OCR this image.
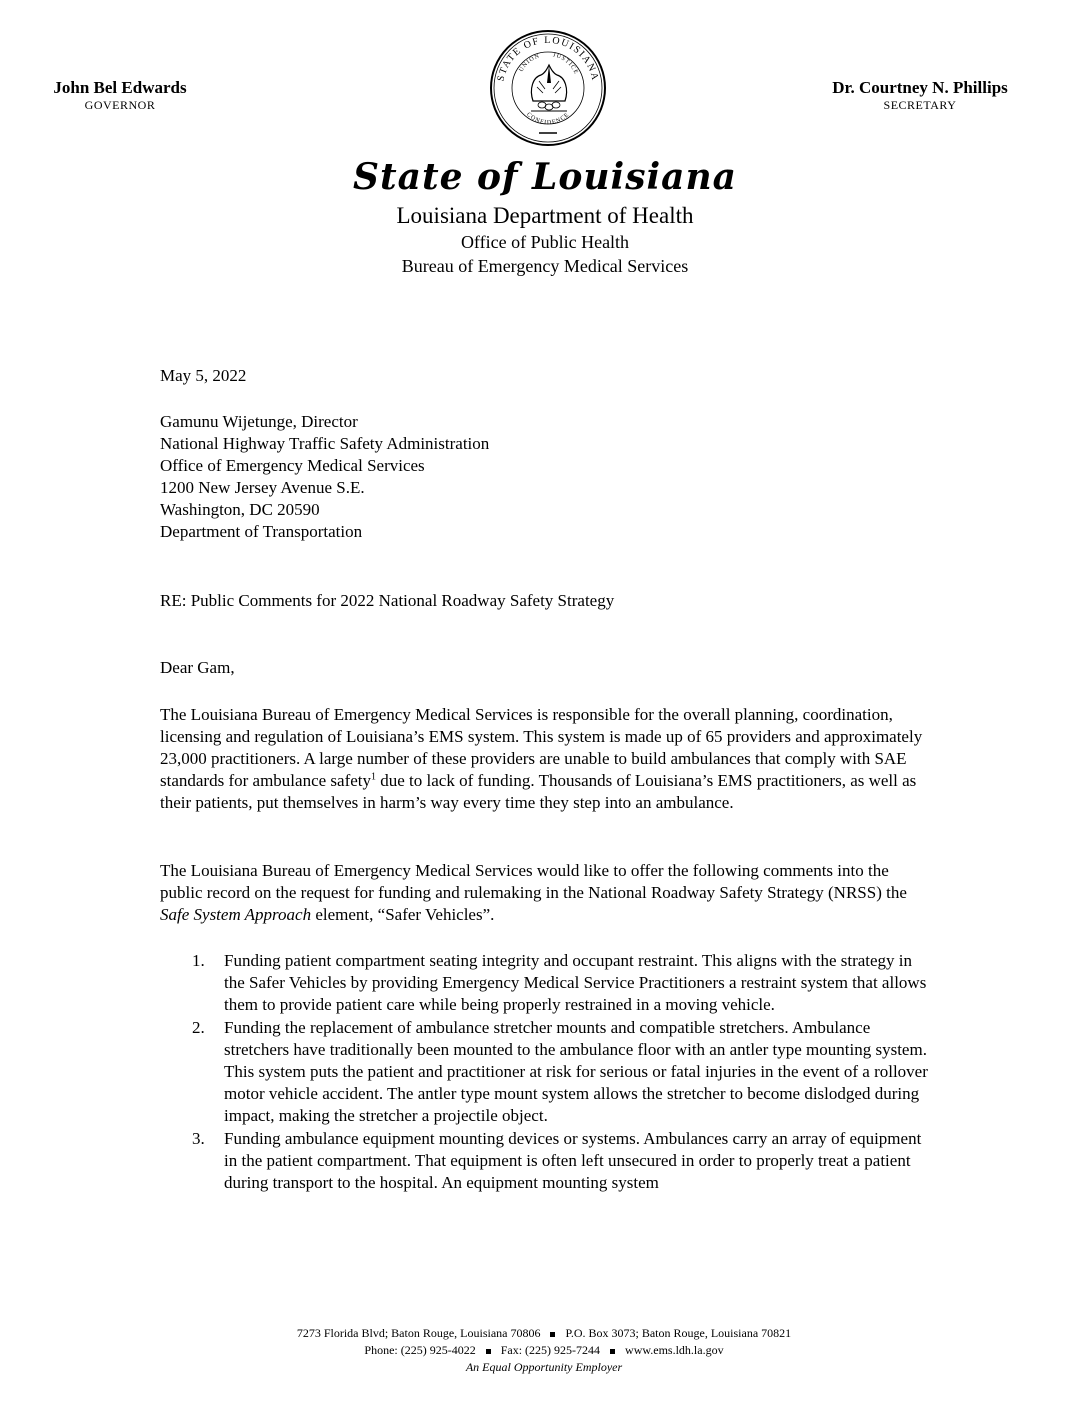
John Bel Edwards
GOVERNOR
Dr. Courtney N. Phillips
SECRETARY
STATE OF LOUISIANA
UNION JUSTICE
CONFIDENCE
State of Louisiana
Louisiana Department of Health
Office of Public Health
Bureau of Emergency Medical Services
May 5, 2022
Gamunu Wijetunge, Director
National Highway Traffic Safety Administration
Office of Emergency Medical Services
1200 New Jersey Avenue S.E.
Washington, DC 20590
Department of Transportation
RE: Public Comments for 2022 National Roadway Safety Strategy
Dear Gam,
The Louisiana Bureau of Emergency Medical Services is responsible for the overall planning, coordination, licensing and regulation of Louisiana’s EMS system. This system is made up of 65 providers and approximately 23,000 practitioners. A large number of these providers are unable to build ambulances that comply with SAE standards for ambulance safety$^1$ due to lack of funding. Thousands of Louisiana’s EMS practitioners, as well as their patients, put themselves in harm’s way every time they step into an ambulance.
The Louisiana Bureau of Emergency Medical Services would like to offer the following comments into the public record on the request for funding and rulemaking in the National Roadway Safety Strategy (NRSS) the Safe System Approach element, “Safer Vehicles”.
1. Funding patient compartment seating integrity and occupant restraint. This aligns with the strategy in the Safer Vehicles by providing Emergency Medical Service Practitioners a restraint system that allows them to provide patient care while being properly restrained in a moving vehicle.
2. Funding the replacement of ambulance stretcher mounts and compatible stretchers. Ambulance stretchers have traditionally been mounted to the ambulance floor with an antler type mounting system. This system puts the patient and practitioner at risk for serious or fatal injuries in the event of a rollover motor vehicle accident. The antler type mount system allows the stretcher to become dislodged during impact, making the stretcher a projectile object.
3. Funding ambulance equipment mounting devices or systems. Ambulances carry an array of equipment in the patient compartment. That equipment is often left unsecured in order to properly treat a patient during transport to the hospital. An equipment mounting system
7273 Florida Blvd; Baton Rouge, Louisiana 70806 P.O. Box 3073; Baton Rouge, Louisiana 70821
Phone: (225) 925-4022 Fax: (225) 925-7244 www.ems.ldh.la.gov
An Equal Opportunity Employer
